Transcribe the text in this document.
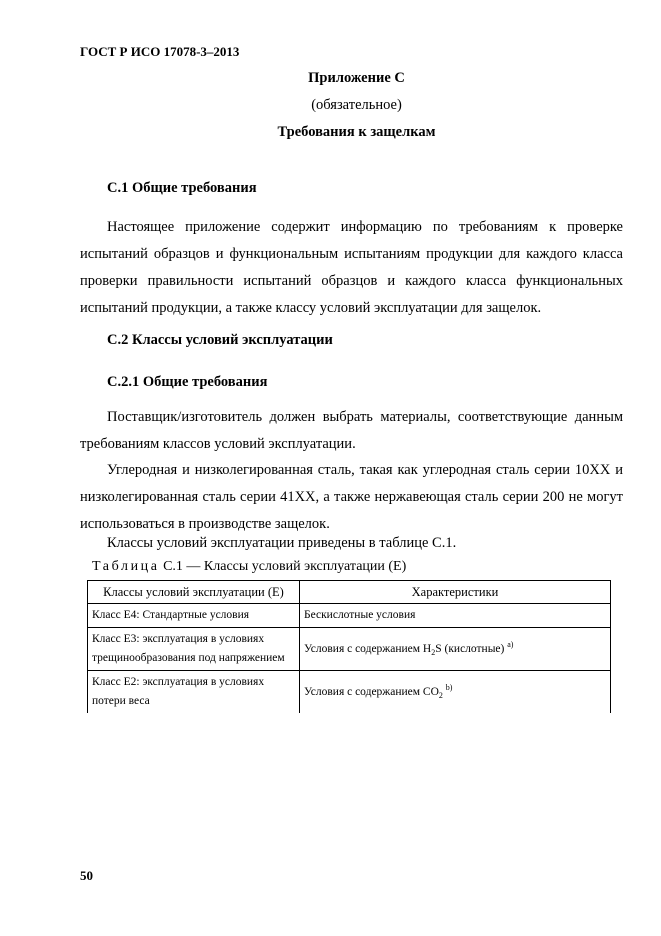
ГОСТ Р ИСО 17078-3–2013
Приложение С
(обязательное)
Требования к защелкам
С.1 Общие требования
Настоящее приложение содержит информацию по требованиям к проверке испытаний образцов и функциональным испытаниям продукции для каждого класса проверки правильности испытаний образцов и каждого класса функциональных испытаний продукции, а также классу условий эксплуатации для защелок.
С.2 Классы условий эксплуатации
С.2.1 Общие требования
Поставщик/изготовитель должен выбрать материалы, соответствующие данным требованиям классов условий эксплуатации.
Углеродная и низколегированная сталь, такая как углеродная сталь серии 10ХХ и низколегированная сталь серии 41ХХ, а также нержавеющая сталь серии 200 не могут использоваться в производстве защелок.
Классы условий эксплуатации приведены в таблице С.1.
Таблица С.1 — Классы условий эксплуатации (Е)
Классы условий эксплуатации (Е)	Характеристики
Класс Е4: Стандартные условия	Бескислотные условия
Класс Е3: эксплуатация в условиях трещинообразования под напряжением	Условия с содержанием $Н_2S$ (кислотные) $^{а)}$
Класс Е2: эксплуатация в условиях потери веса	Условия с содержанием $СО_2$ $^{b)}$
50
